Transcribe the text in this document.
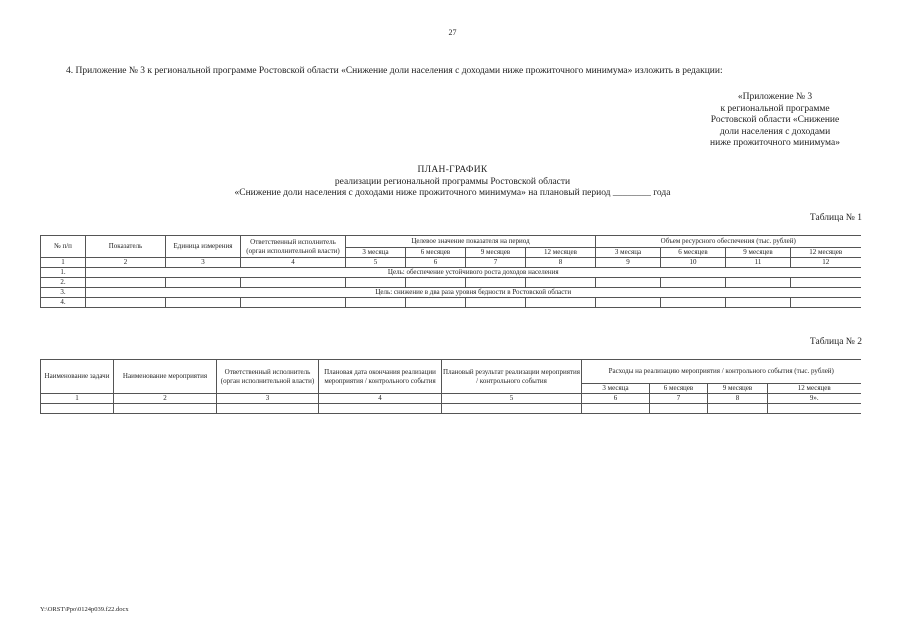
27
4. Приложение № 3 к региональной программе Ростовской области «Снижение доли населения с доходами ниже прожиточного минимума» изложить в редакции:
«Приложение № 3
к региональной программе
Ростовской области «Снижение
доли населения с доходами
ниже прожиточного минимума»
ПЛАН-ГРАФИК
реализации региональной программы Ростовской области
«Снижение доли населения с доходами ниже прожиточного минимума» на плановый период ________ года
Таблица № 1
№ п/п	Показатель	Единица измерения	Ответственный исполнитель (орган исполнительной власти)	Целевое значение показателя на период				Объем ресурсного обеспечения (тыс. рублей)			
				3 месяца	6 месяцев	9 месяцев	12 месяцев	3 месяца	6 месяцев	9 месяцев	12 месяцев
1	2	3	4	5	6	7	8	9	10	11	12
1.	Цель: обеспечение устойчивого роста доходов населения										
2.											
3.	Цель: снижение в два раза уровня бедности в Ростовской области										
4.											
Таблица № 2
Наименование задачи	Наименование мероприятия	Ответственный исполнитель (орган исполнительной власти)	Плановая дата окончания реализации мероприятия / контрольного события	Плановый результат реализации мероприятия / контрольного события	Расходы на реализацию мероприятия / контрольного события (тыс. рублей)			
					3 месяца	6 месяцев	9 месяцев	12 месяцев
1	2	3	4	5	6	7	8	9».

Y:\ORST\Ppo\0124p039.f22.docx
